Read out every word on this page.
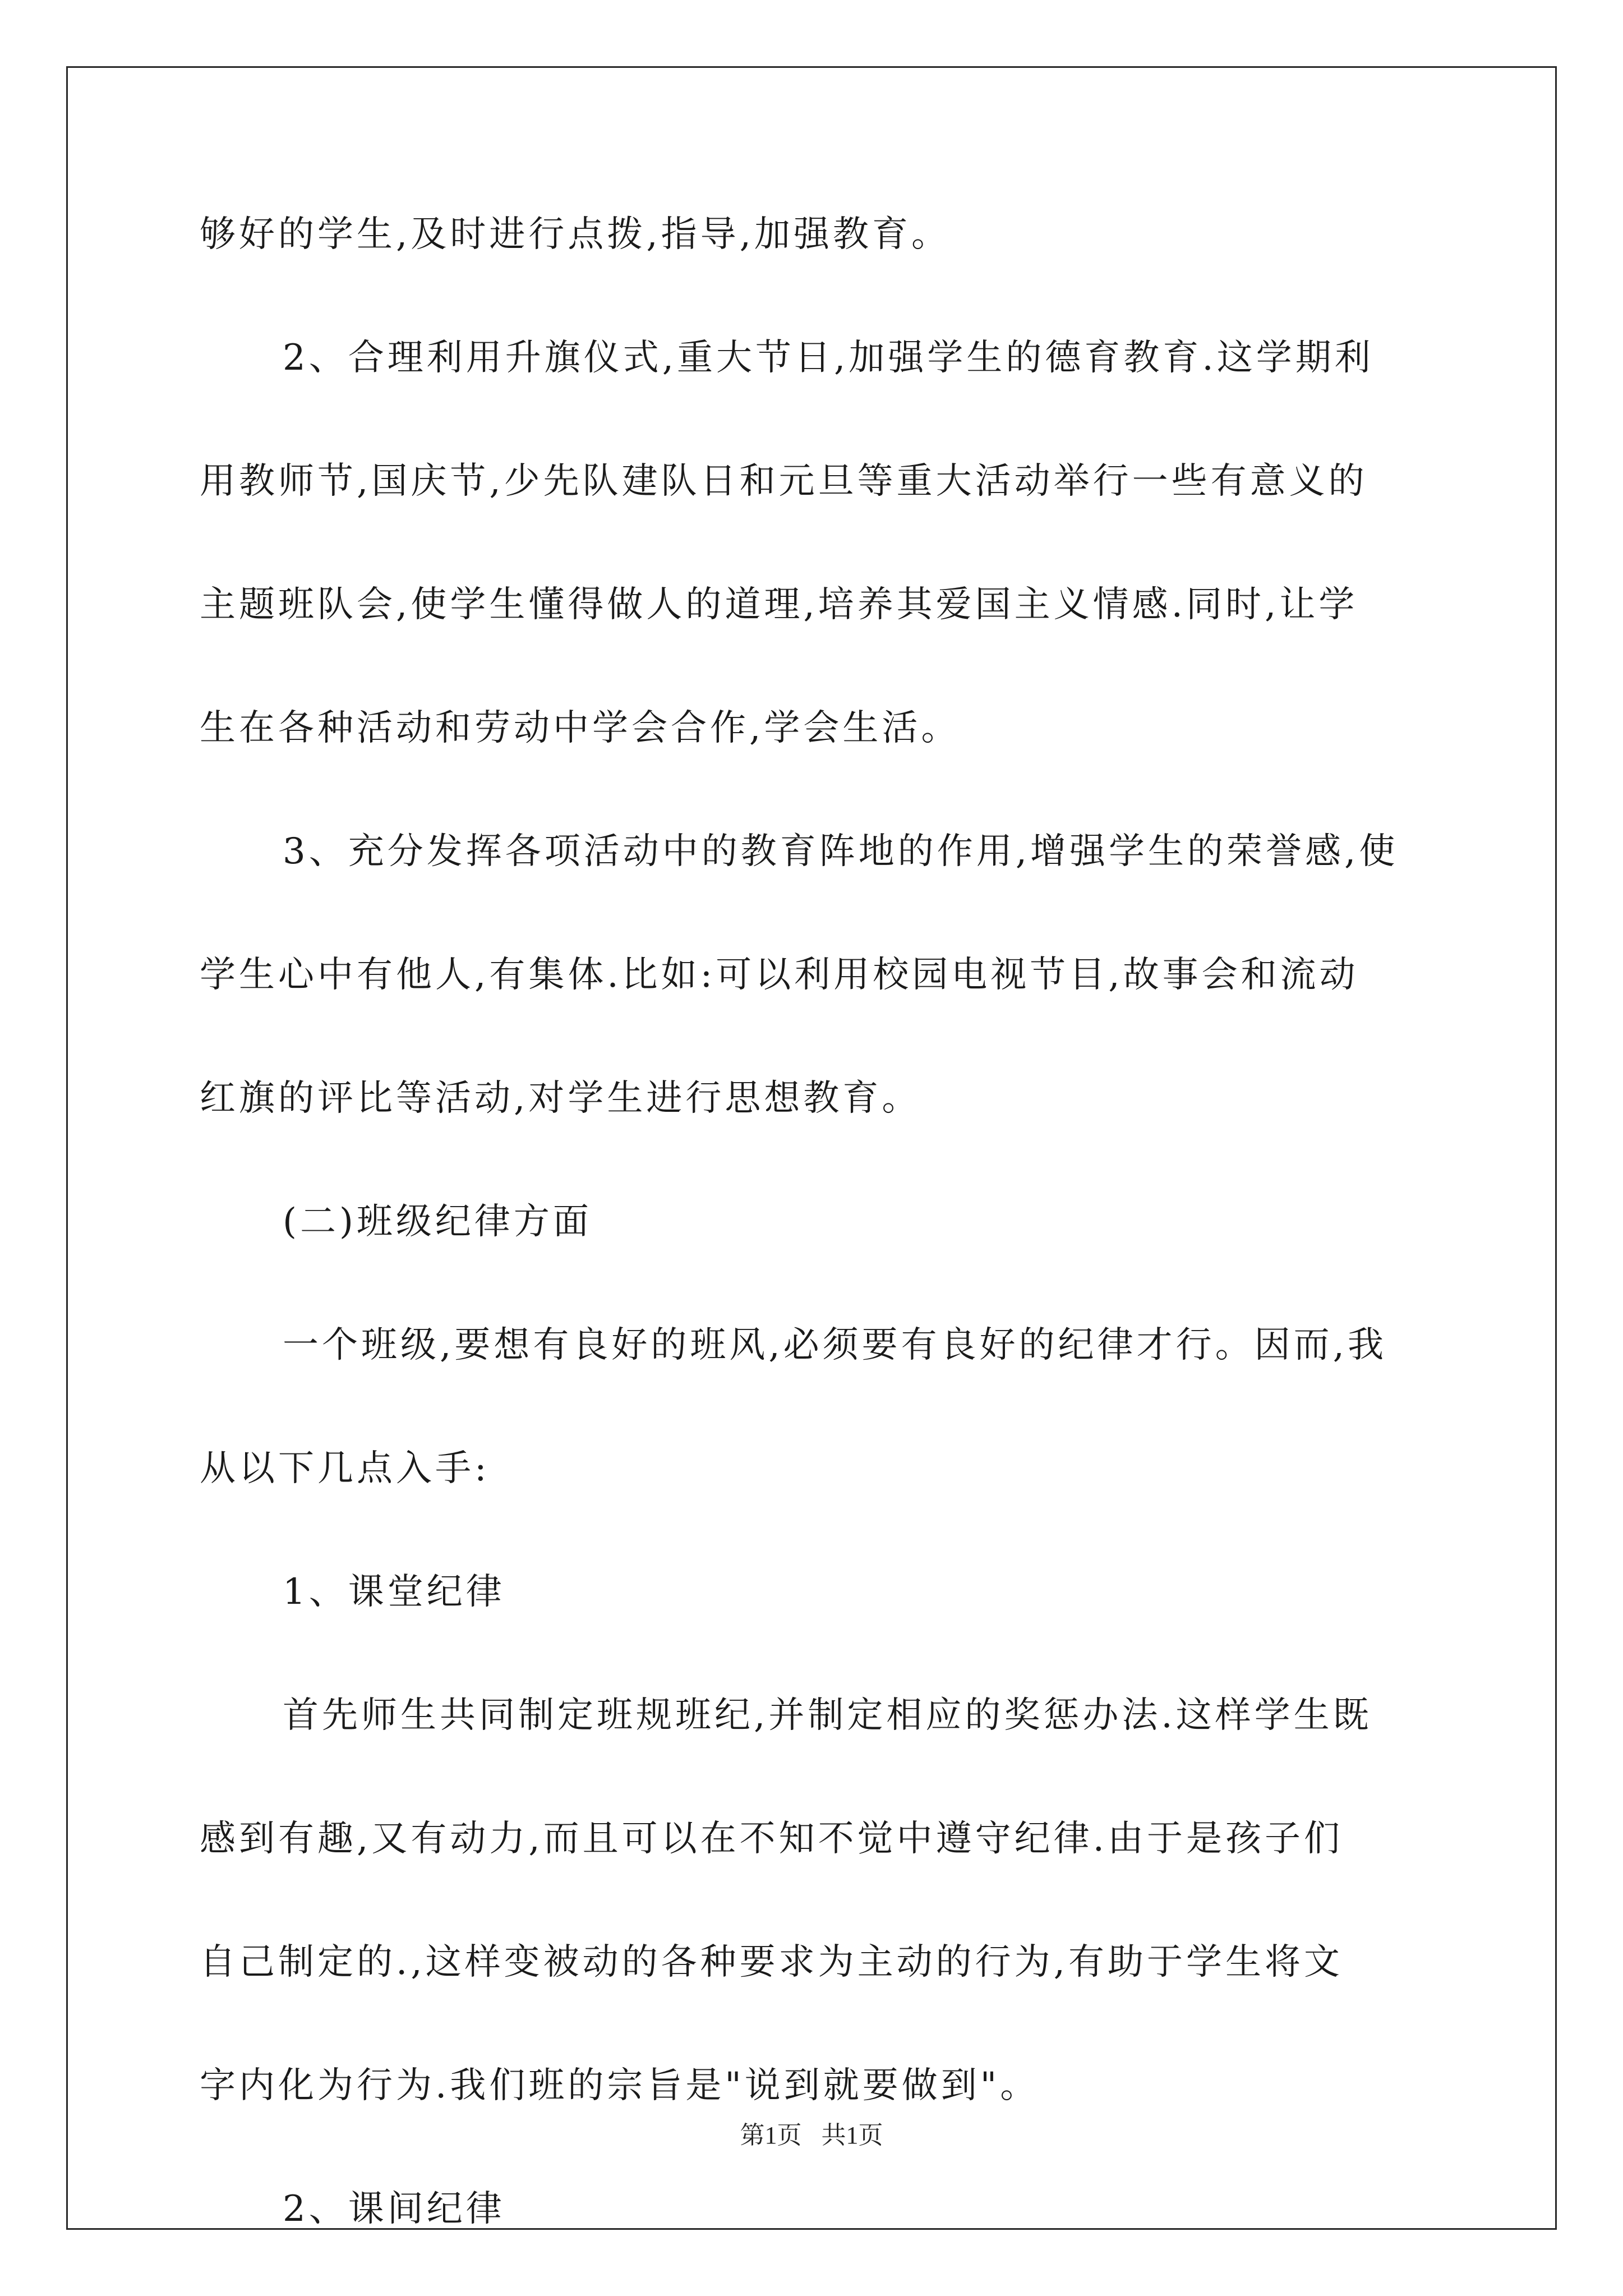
够好的学生,及时进行点拨,指导,加强教育。
2、合理利用升旗仪式,重大节日,加强学生的德育教育.这学期利
用教师节,国庆节,少先队建队日和元旦等重大活动举行一些有意义的
主题班队会,使学生懂得做人的道理,培养其爱国主义情感.同时,让学
生在各种活动和劳动中学会合作,学会生活。
3、充分发挥各项活动中的教育阵地的作用,增强学生的荣誉感,使
学生心中有他人,有集体.比如:可以利用校园电视节目,故事会和流动
红旗的评比等活动,对学生进行思想教育。
(二)班级纪律方面
一个班级,要想有良好的班风,必须要有良好的纪律才行。因而,我
从以下几点入手:
1、课堂纪律
首先师生共同制定班规班纪,并制定相应的奖惩办法.这样学生既
感到有趣,又有动力,而且可以在不知不觉中遵守纪律.由于是孩子们
自己制定的.,这样变被动的各种要求为主动的行为,有助于学生将文
字内化为行为.我们班的宗旨是"说到就要做到"。
2、课间纪律
第1页 共1页
